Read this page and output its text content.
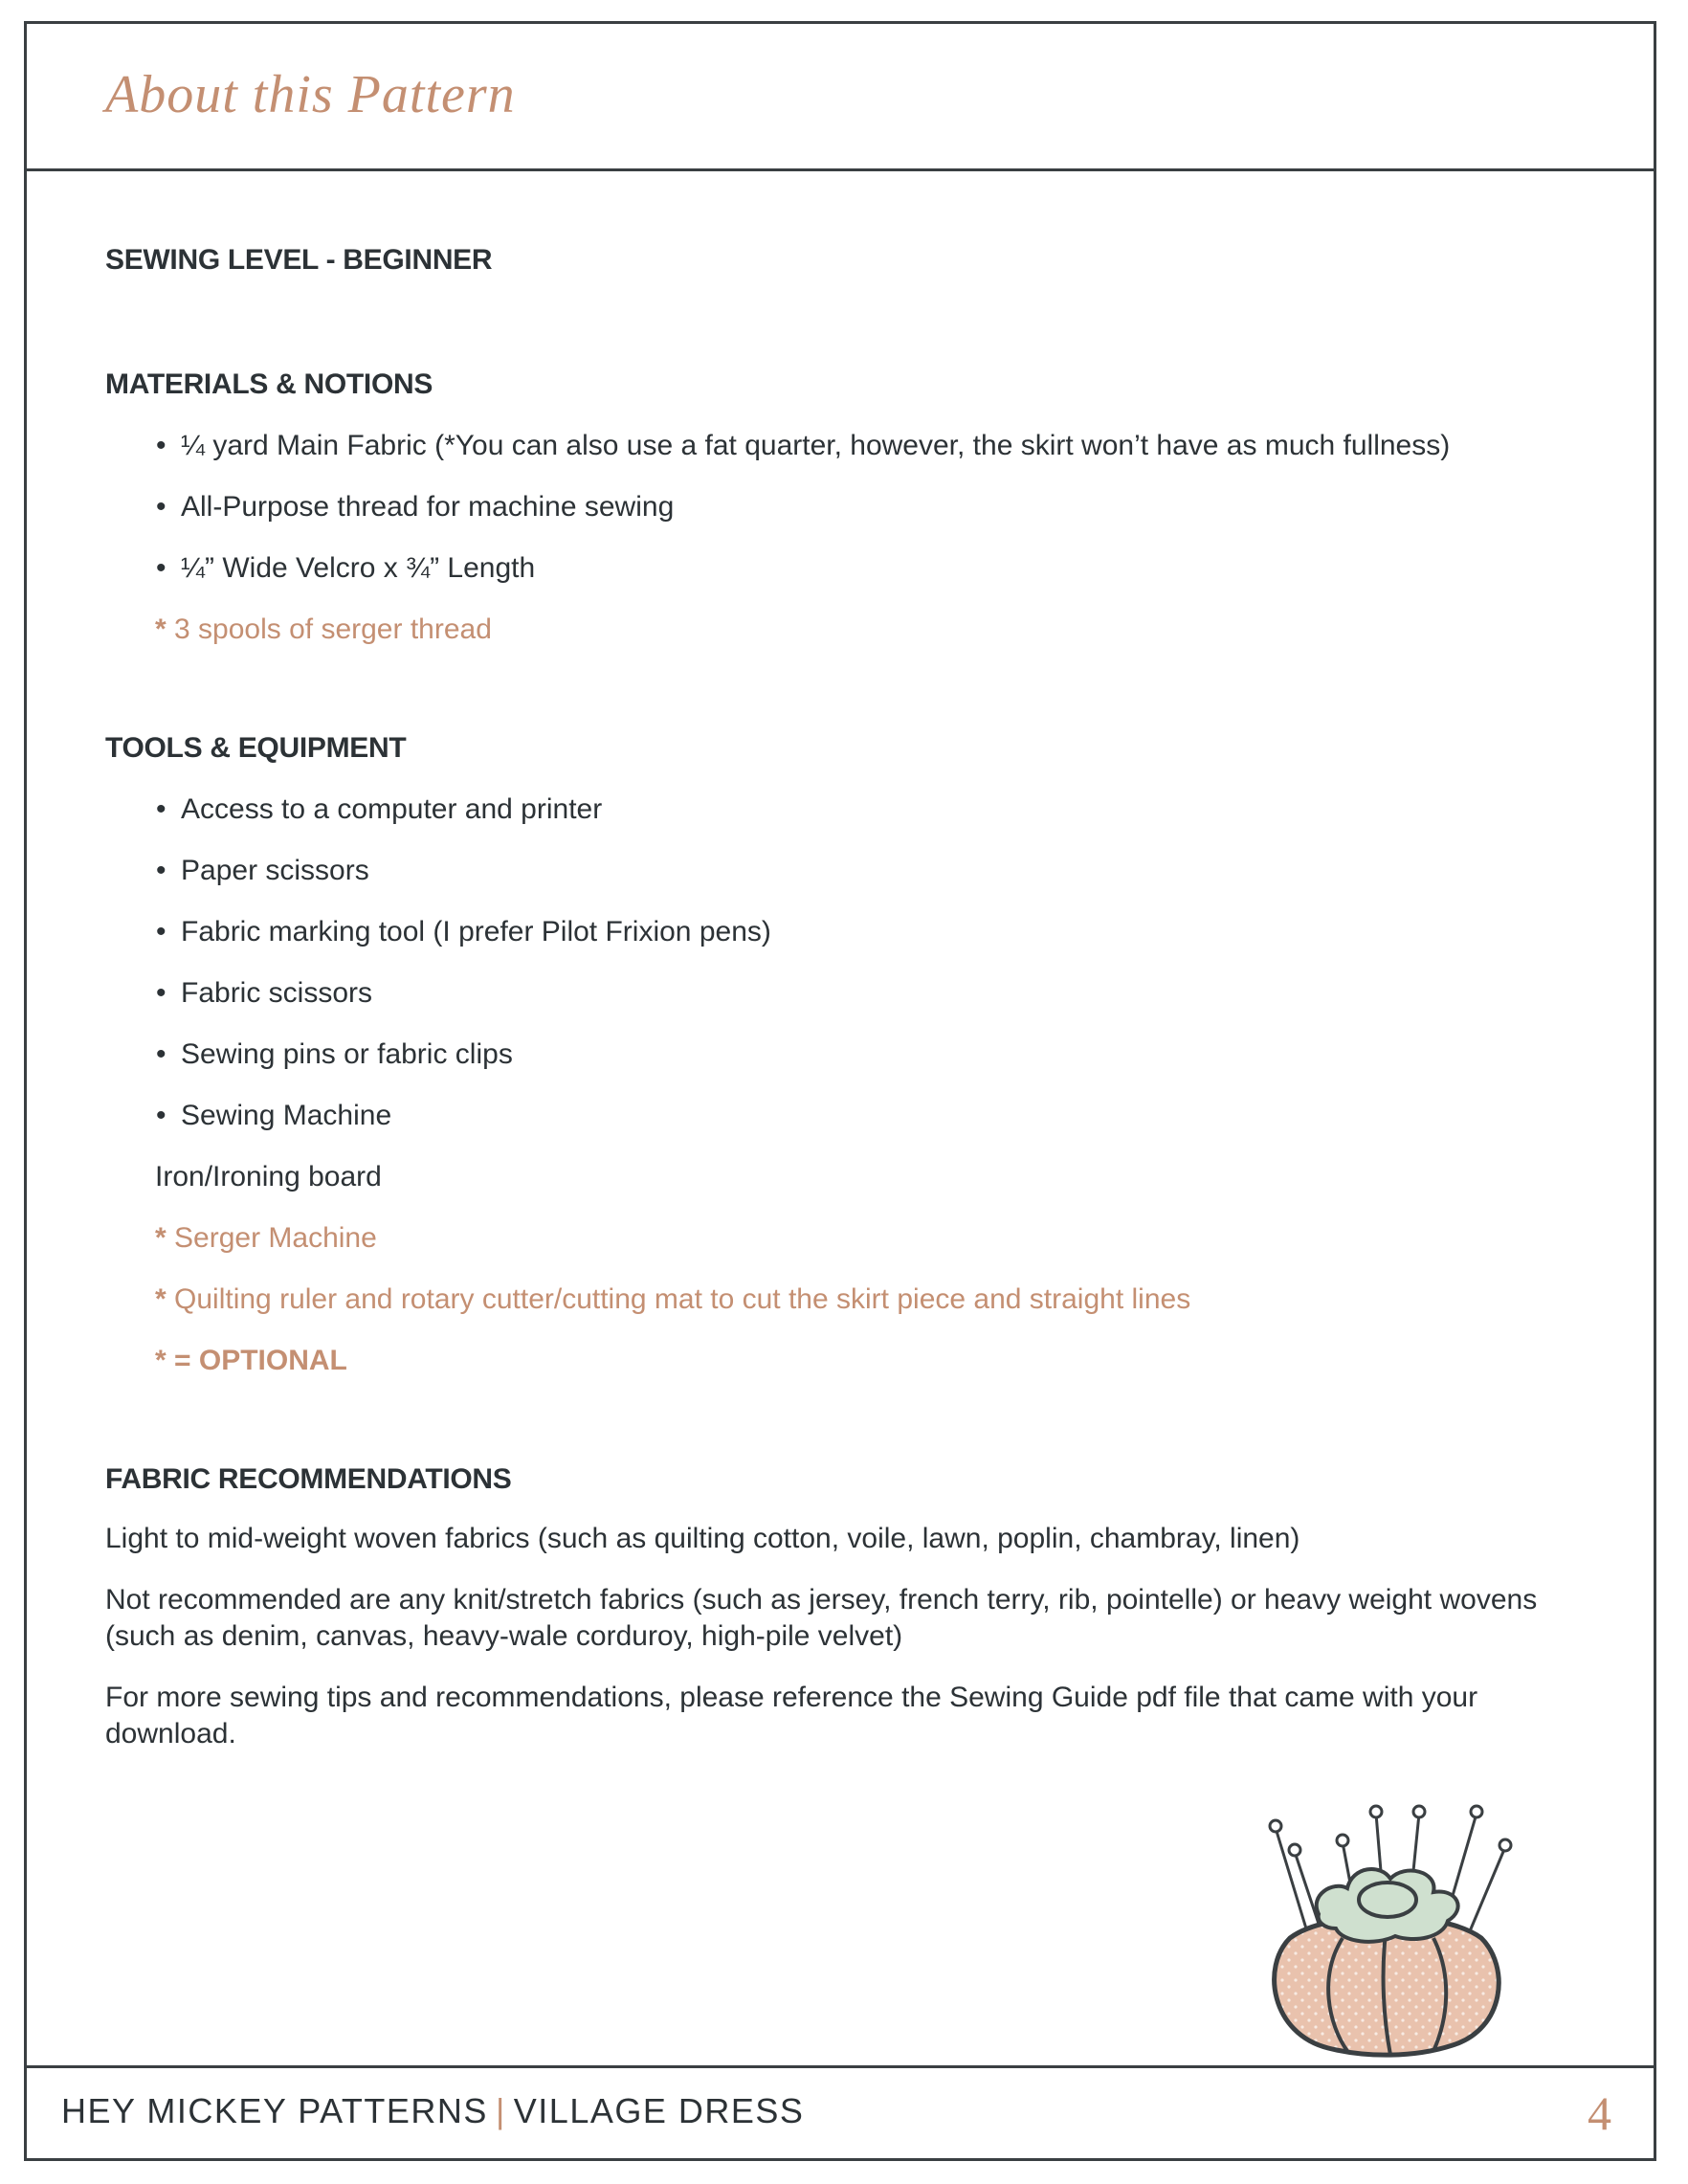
About this Pattern

SEWING LEVEL - BEGINNER

MATERIALS & NOTIONS

• ¼ yard Main Fabric (*You can also use a fat quarter, however, the skirt won’t have as much fullness)
• All-Purpose thread for machine sewing
• ¼” Wide Velcro x ¾” Length
* 3 spools of serger thread

TOOLS & EQUIPMENT

• Access to a computer and printer
• Paper scissors
• Fabric marking tool (I prefer Pilot Frixion pens)
• Fabric scissors
• Sewing pins or fabric clips
• Sewing Machine
Iron/Ironing board
* Serger Machine
* Quilting ruler and rotary cutter/cutting mat to cut the skirt piece and straight lines
* = OPTIONAL

FABRIC RECOMMENDATIONS

Light to mid-weight woven fabrics (such as quilting cotton, voile, lawn, poplin, chambray, linen)

Not recommended are any knit/stretch fabrics (such as jersey, french terry, rib, pointelle) or heavy weight wovens (such as denim, canvas, heavy-wale corduroy, high-pile velvet)

For more sewing tips and recommendations, please reference the Sewing Guide pdf file that came with your download.

HEY MICKEY PATTERNS | VILLAGE DRESS	4
